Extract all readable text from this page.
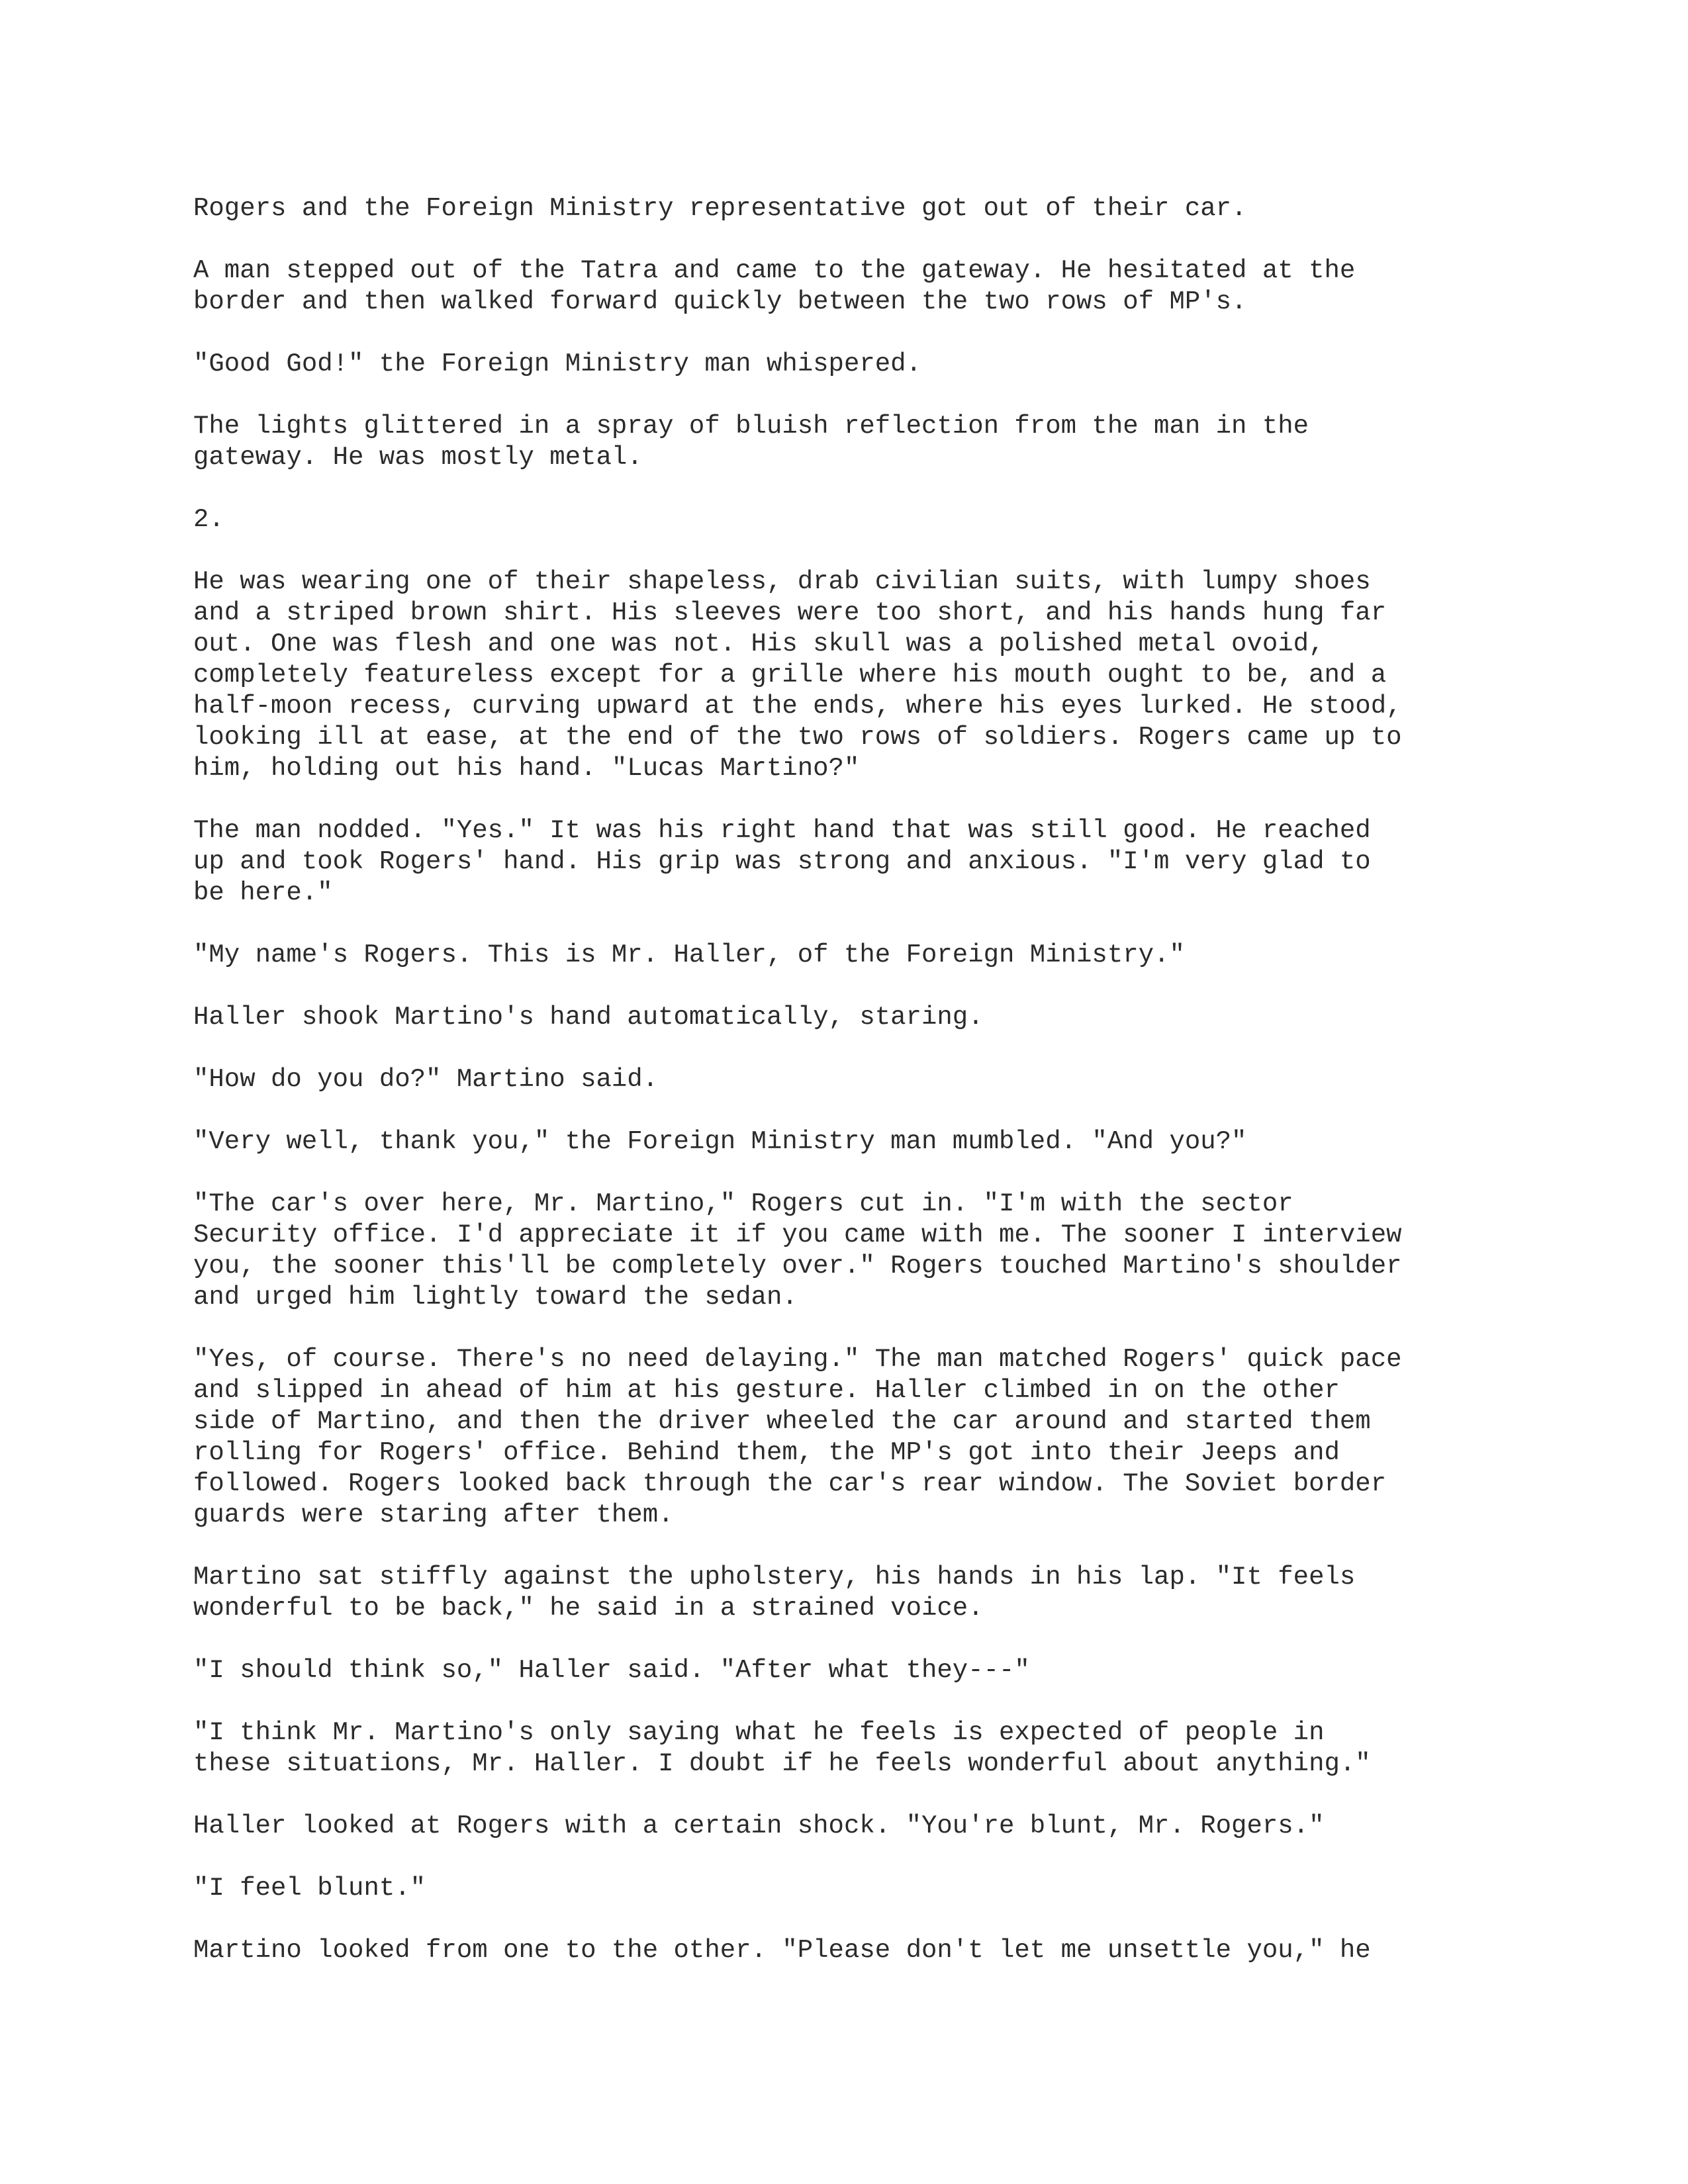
Rogers and the Foreign Ministry representative got out of their car.

A man stepped out of the Tatra and came to the gateway. He hesitated at the
border and then walked forward quickly between the two rows of MP's.

"Good God!" the Foreign Ministry man whispered.

The lights glittered in a spray of bluish reflection from the man in the
gateway. He was mostly metal.

2.

He was wearing one of their shapeless, drab civilian suits, with lumpy shoes
and a striped brown shirt. His sleeves were too short, and his hands hung far
out. One was flesh and one was not. His skull was a polished metal ovoid,
completely featureless except for a grille where his mouth ought to be, and a
half-moon recess, curving upward at the ends, where his eyes lurked. He stood,
looking ill at ease, at the end of the two rows of soldiers. Rogers came up to
him, holding out his hand. "Lucas Martino?"

The man nodded. "Yes." It was his right hand that was still good. He reached
up and took Rogers' hand. His grip was strong and anxious. "I'm very glad to
be here."

"My name's Rogers. This is Mr. Haller, of the Foreign Ministry."

Haller shook Martino's hand automatically, staring.

"How do you do?" Martino said.

"Very well, thank you," the Foreign Ministry man mumbled. "And you?"

"The car's over here, Mr. Martino," Rogers cut in. "I'm with the sector
Security office. I'd appreciate it if you came with me. The sooner I interview
you, the sooner this'll be completely over." Rogers touched Martino's shoulder
and urged him lightly toward the sedan.

"Yes, of course. There's no need delaying." The man matched Rogers' quick pace
and slipped in ahead of him at his gesture. Haller climbed in on the other
side of Martino, and then the driver wheeled the car around and started them
rolling for Rogers' office. Behind them, the MP's got into their Jeeps and
followed. Rogers looked back through the car's rear window. The Soviet border
guards were staring after them.

Martino sat stiffly against the upholstery, his hands in his lap. "It feels
wonderful to be back," he said in a strained voice.

"I should think so," Haller said. "After what they---"

"I think Mr. Martino's only saying what he feels is expected of people in
these situations, Mr. Haller. I doubt if he feels wonderful about anything."

Haller looked at Rogers with a certain shock. "You're blunt, Mr. Rogers."

"I feel blunt."

Martino looked from one to the other. "Please don't let me unsettle you," he
